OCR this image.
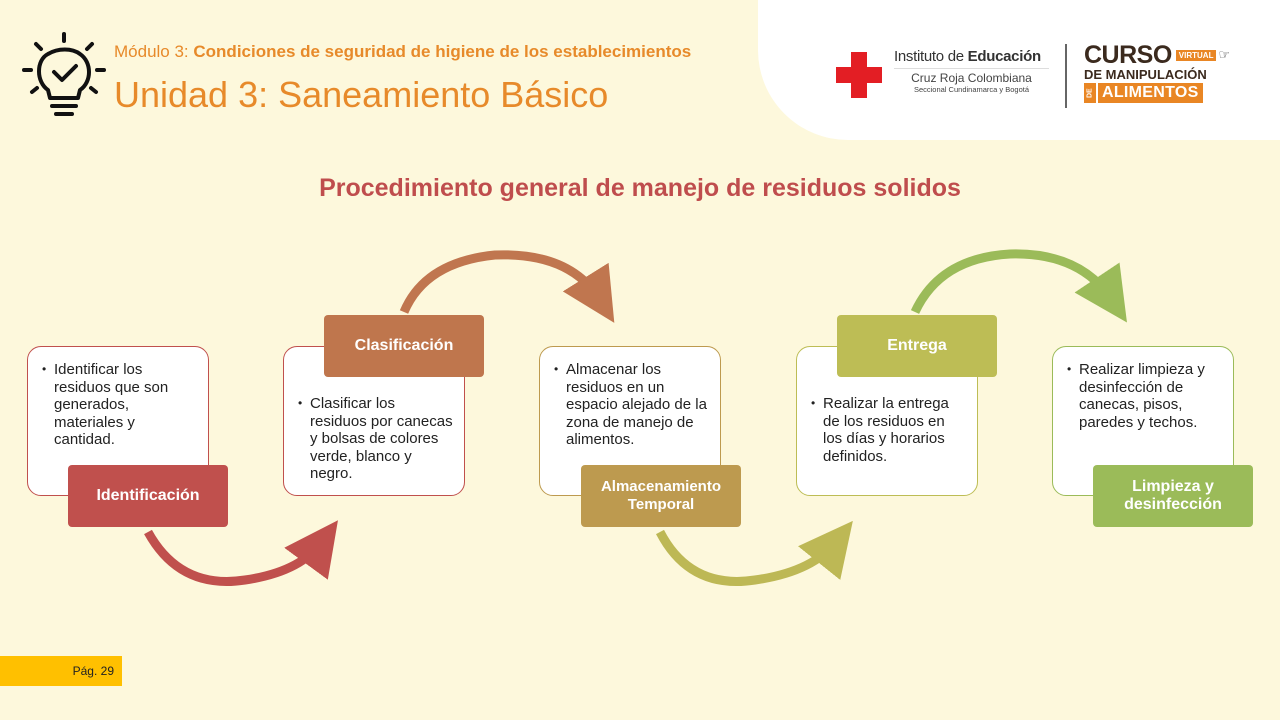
Módulo 3: Condiciones de seguridad de higiene de los establecimientos
Unidad 3: Saneamiento Básico
Instituto de Educación
Cruz Roja Colombiana
Seccional Cundinamarca y Bogotá
CURSO VIRTUAL ☞
DE MANIPULACIÓN
DE ALIMENTOS
Procedimiento general de manejo de residuos solidos
• Identificar los residuos que son generados, materiales y cantidad.
Identificación
• Clasificar los residuos por canecas y bolsas de colores verde, blanco y negro.
Clasificación
• Almacenar los residuos en un espacio alejado de la zona de manejo de alimentos.
Almacenamiento Temporal
• Realizar la entrega de los residuos en los días y horarios definidos.
Entrega
• Realizar limpieza y desinfección de canecas, pisos, paredes y techos.
Limpieza y desinfección
Pág. 29
